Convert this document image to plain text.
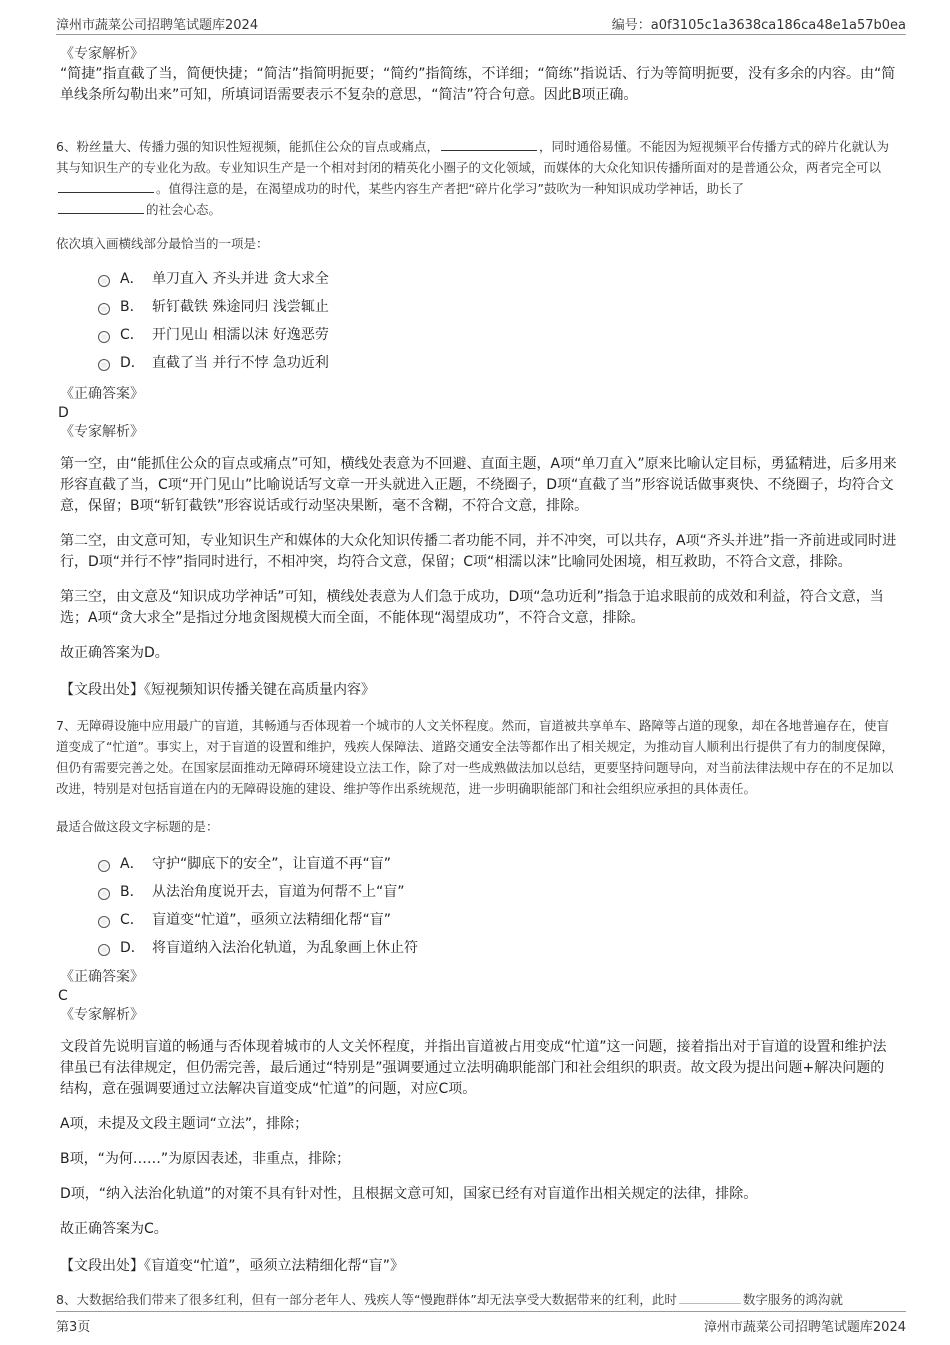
漳州市蔬菜公司招聘笔试题库2024	编号：a0f3105c1a3638ca186ca48e1a57b0ea
《专家解析》

“简捷”指直截了当，简便快捷；“简洁”指简明扼要；“简约”指简练，不详细；“简练”指说话、行为等简明扼要，没有多余的内容。由“简单线条所勾勒出来”可知，所填词语需要表示不复杂的意思，“简洁”符合句意。因此B项正确。

6、粉丝量大、传播力强的知识性短视频，能抓住公众的盲点或痛点，	，同时通俗易懂。不能因为短视频平台传播方式的碎片化就认为其与知识生产的专业化为敌。专业知识生产是一个相对封闭的精英化小圈子的文化领域，而媒体的大众化知识传播所面对的是普通公众，两者完全可以。值得注意的是，在渴望成功的时代，某些内容生产者把“碎片化学习”鼓吹为一种知识成功学神话，助长了
的社会心态。

依次填入画横线部分最恰当的一项是：

A． 单刀直入 齐头并进 贪大求全
B． 斩钉截铁 殊途同归 浅尝辄止
C． 开门见山 相濡以沫 好逸恶劳
D． 直截了当 并行不悖 急功近利
《正确答案》
D
《专家解析》

第一空，由“能抓住公众的盲点或痛点”可知，横线处表意为不回避、直面主题，A项“单刀直入”原来比喻认定目标，勇猛精进，后多用来形容直截了当，C项“开门见山”比喻说话写文章一开头就进入正题，不绕圈子，D项“直截了当”形容说话做事爽快、不绕圈子，均符合文意，保留；B项“斩钉截铁”形容说话或行动坚决果断，毫不含糊，不符合文意，排除。

第二空，由文意可知，专业知识生产和媒体的大众化知识传播二者功能不同，并不冲突，可以共存，A项“齐头并进”指一齐前进或同时进行，D项“并行不悖”指同时进行，不相冲突，均符合文意，保留；C项“相濡以沫”比喻同处困境，相互救助，不符合文意，排除。

第三空，由文意及“知识成功学神话”可知，横线处表意为人们急于成功，D项“急功近利”指急于追求眼前的成效和利益，符合文意，当选；A项“贪大求全”是指过分地贪图规模大而全面，不能体现“渴望成功”，不符合文意，排除。

故正确答案为D。

【文段出处】《短视频知识传播关键在高质量内容》

7、无障碍设施中应用最广的盲道，其畅通与否体现着一个城市的人文关怀程度。然而，盲道被共享单车、路障等占道的现象，却在各地普遍存在，使盲道变成了“忙道”。事实上，对于盲道的设置和维护，残疾人保障法、道路交通安全法等都作出了相关规定，为推动盲人顺利出行提供了有力的制度保障，但仍有需要完善之处。在国家层面推动无障碍环境建设立法工作，除了对一些成熟做法加以总结，更要坚持问题导向，对当前法律法规中存在的不足加以改进，特别是对包括盲道在内的无障碍设施的建设、维护等作出系统规范，进一步明确职能部门和社会组织应承担的具体责任。

最适合做这段文字标题的是：

A． 守护“脚底下的安全”，让盲道不再“盲”
B． 从法治角度说开去，盲道为何帮不上“盲”
C． 盲道变“忙道”，亟须立法精细化帮“盲”
D． 将盲道纳入法治化轨道，为乱象画上休止符
《正确答案》
C
《专家解析》

文段首先说明盲道的畅通与否体现着城市的人文关怀程度，并指出盲道被占用变成“忙道”这一问题，接着指出对于盲道的设置和维护法律虽已有法律规定，但仍需完善，最后通过“特别是”强调要通过立法明确职能部门和社会组织的职责。故文段为提出问题+解决问题的结构，意在强调要通过立法解决盲道变成“忙道”的问题，对应C项。

A项，未提及文段主题词“立法”，排除；

B项，“为何……”为原因表述，非重点，排除；

D项，“纳入法治化轨道”的对策不具有针对性，且根据文意可知，国家已经有对盲道作出相关规定的法律，排除。

故正确答案为C。

【文段出处】《盲道变“忙道”，亟须立法精细化帮“盲”》

8、大数据给我们带来了很多红利，但有一部分老年人、残疾人等“慢跑群体”却无法享受大数据带来的红利，此时	数字服务的鸿沟就

第3页	漳州市蔬菜公司招聘笔试题库2024
